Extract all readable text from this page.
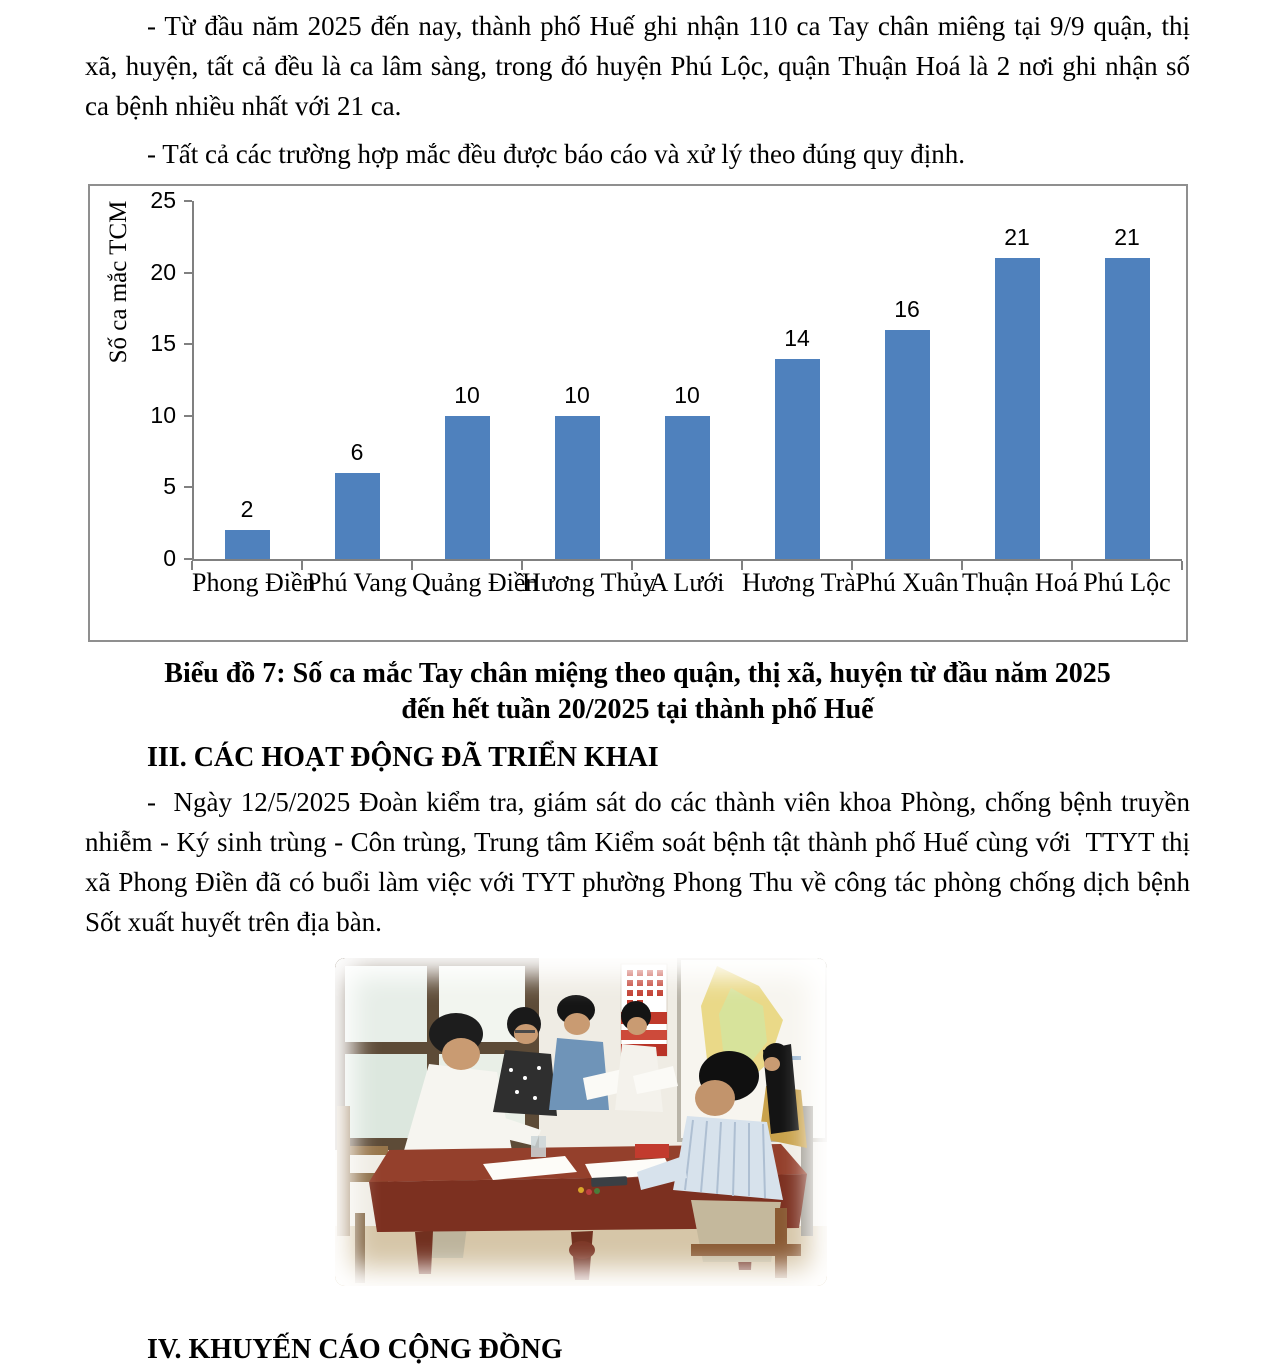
- Từ đầu năm 2025 đến nay, thành phố Huế ghi nhận 110 ca Tay chân miêng tại 9/9 quận, thị
xã, huyện, tất cả đều là ca lâm sàng, trong đó huyện Phú Lộc, quận Thuận Hoá là 2 nơi ghi nhận số
ca bệnh nhiều nhất với 21 ca.
- Tất cả các trường hợp mắc đều được báo cáo và xử lý theo đúng quy định.
Số ca mắc TCM
0
5
10
15
20
25
2
Phong Điền
6
Phú Vang
10
Quảng Điền
10
Hương Thủy
10
A Lưới
14
Hương Trà
16
Phú Xuân
21
Thuận Hoá
21
Phú Lộc
Biểu đồ 7: Số ca mắc Tay chân miệng theo quận, thị xã, huyện từ đầu năm 2025
đến hết tuần 20/2025 tại thành phố Huế
III. CÁC HOẠT ĐỘNG ĐÃ TRIỂN KHAI
-  Ngày 12/5/2025 Đoàn kiểm tra, giám sát do các thành viên khoa Phòng, chống bệnh truyền
nhiễm - Ký sinh trùng - Côn trùng, Trung tâm Kiểm soát bệnh tật thành phố Huế cùng với  TTYT thị
xã Phong Điền đã có buổi làm việc với TYT phường Phong Thu về công tác phòng chống dịch bệnh
Sốt xuất huyết trên địa bàn.
IV. KHUYẾN CÁO CỘNG ĐỒNG
